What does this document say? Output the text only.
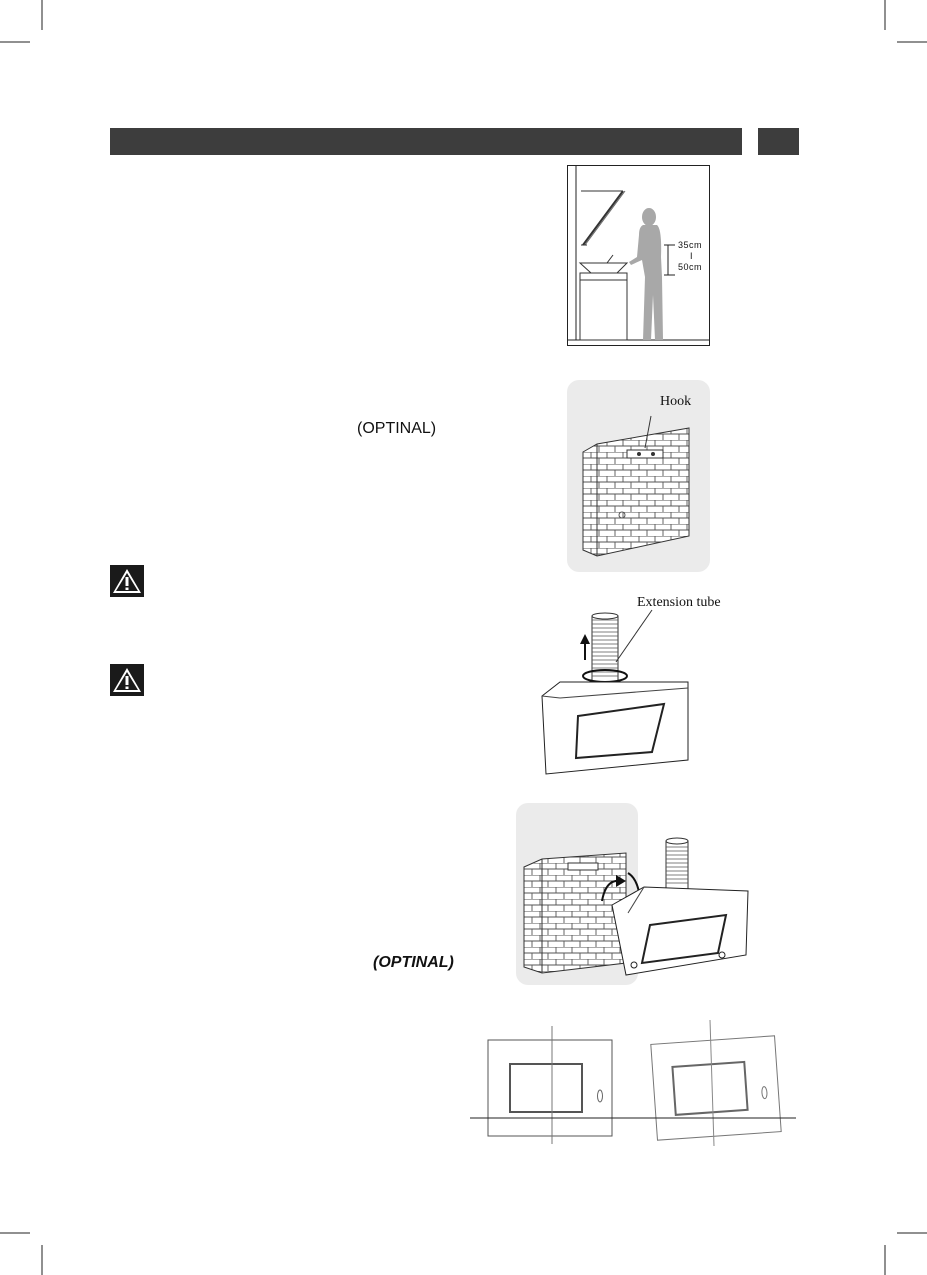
35cm
I
50cm
Hook
(OPTINAL)
Extension tube
(OPTINAL)
